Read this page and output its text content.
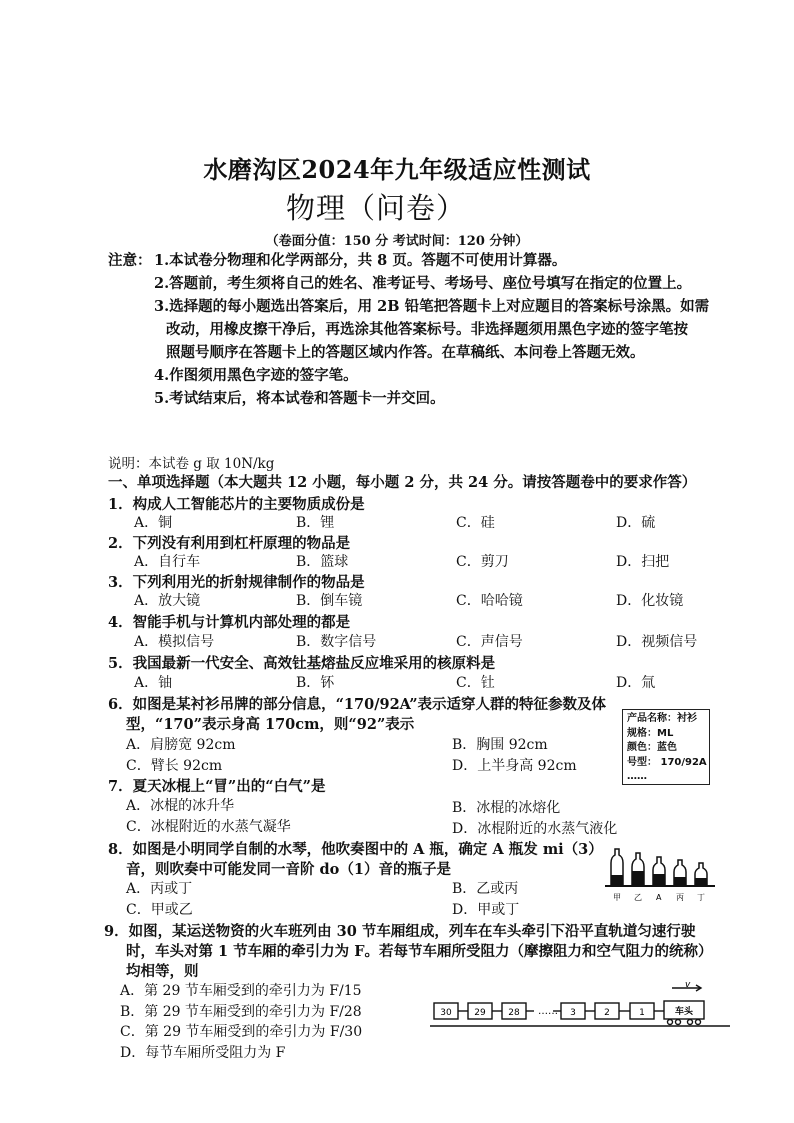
水磨沟区2024年九年级适应性测试
物理（问卷）
（卷面分值：150 分 考试时间：120 分钟）
注意： 1.本试卷分物理和化学两部分，共 8 页。答题不可使用计算器。
2.答题前，考生须将自己的姓名、准考证号、考场号、座位号填写在指定的位置上。
3.选择题的每小题选出答案后，用 2B 铅笔把答题卡上对应题目的答案标号涂黑。如需
改动，用橡皮擦干净后，再选涂其他答案标号。非选择题须用黑色字迹的签字笔按
照题号顺序在答题卡上的答题区域内作答。在草稿纸、本问卷上答题无效。
4.作图须用黑色字迹的签字笔。
5.考试结束后，将本试卷和答题卡一并交回。
说明：本试卷 g 取 10N/kg
一、单项选择题（本大题共 12 小题，每小题 2 分，共 24 分。请按答题卷中的要求作答）
1．构成人工智能芯片的主要物质成份是
A．铜	B．锂	C．硅	D．硫
2．下列没有利用到杠杆原理的物品是
A．自行车	B．篮球	C．剪刀	D．扫把
3．下列利用光的折射规律制作的物品是
A．放大镜	B．倒车镜	C．哈哈镜	D．化妆镜
4．智能手机与计算机内部处理的都是
A．模拟信号	B．数字信号	C．声信号	D．视频信号
5．我国最新一代安全、高效钍基熔盐反应堆采用的核原料是
A．铀	B．钚	C．钍	D．氚
6．如图是某衬衫吊牌的部分信息，“170/92A”表示适穿人群的特征参数及体
型，“170”表示身高 170cm，则“92”表示
A．肩膀宽 92cm	B．胸围 92cm
C．臂长 92cm	D．上半身高 92cm
产品名称：衬衫
规格：ML
颜色：蓝色
号型： 170/92A
……
7．夏天冰棍上“冒”出的“白气”是
A．冰棍的冰升华	B．冰棍的冰熔化
C．冰棍附近的水蒸气凝华	D．冰棍附近的水蒸气液化
8．如图是小明同学自制的水琴，他吹奏图中的 A 瓶，确定 A 瓶发 mi（3）
音，则吹奏中可能发同一音阶 do（1）音的瓶子是
A．丙或丁	B．乙或丙
C．甲或乙	D．甲或丁
甲 乙 A 丙 丁
9．如图，某运送物资的火车班列由 30 节车厢组成，列车在车头牵引下沿平直轨道匀速行驶
时，车头对第 1 节车厢的牵引力为 F。若每节车厢所受阻力（摩擦阻力和空气阻力的统称）
均相等，则
A．第 29 节车厢受到的牵引力为 F/15
B．第 29 节车厢受到的牵引力为 F/28
C．第 29 节车厢受到的牵引力为 F/30
D．每节车厢所受阻力为 F
……
v
30	29	28	3	2	1	车头
